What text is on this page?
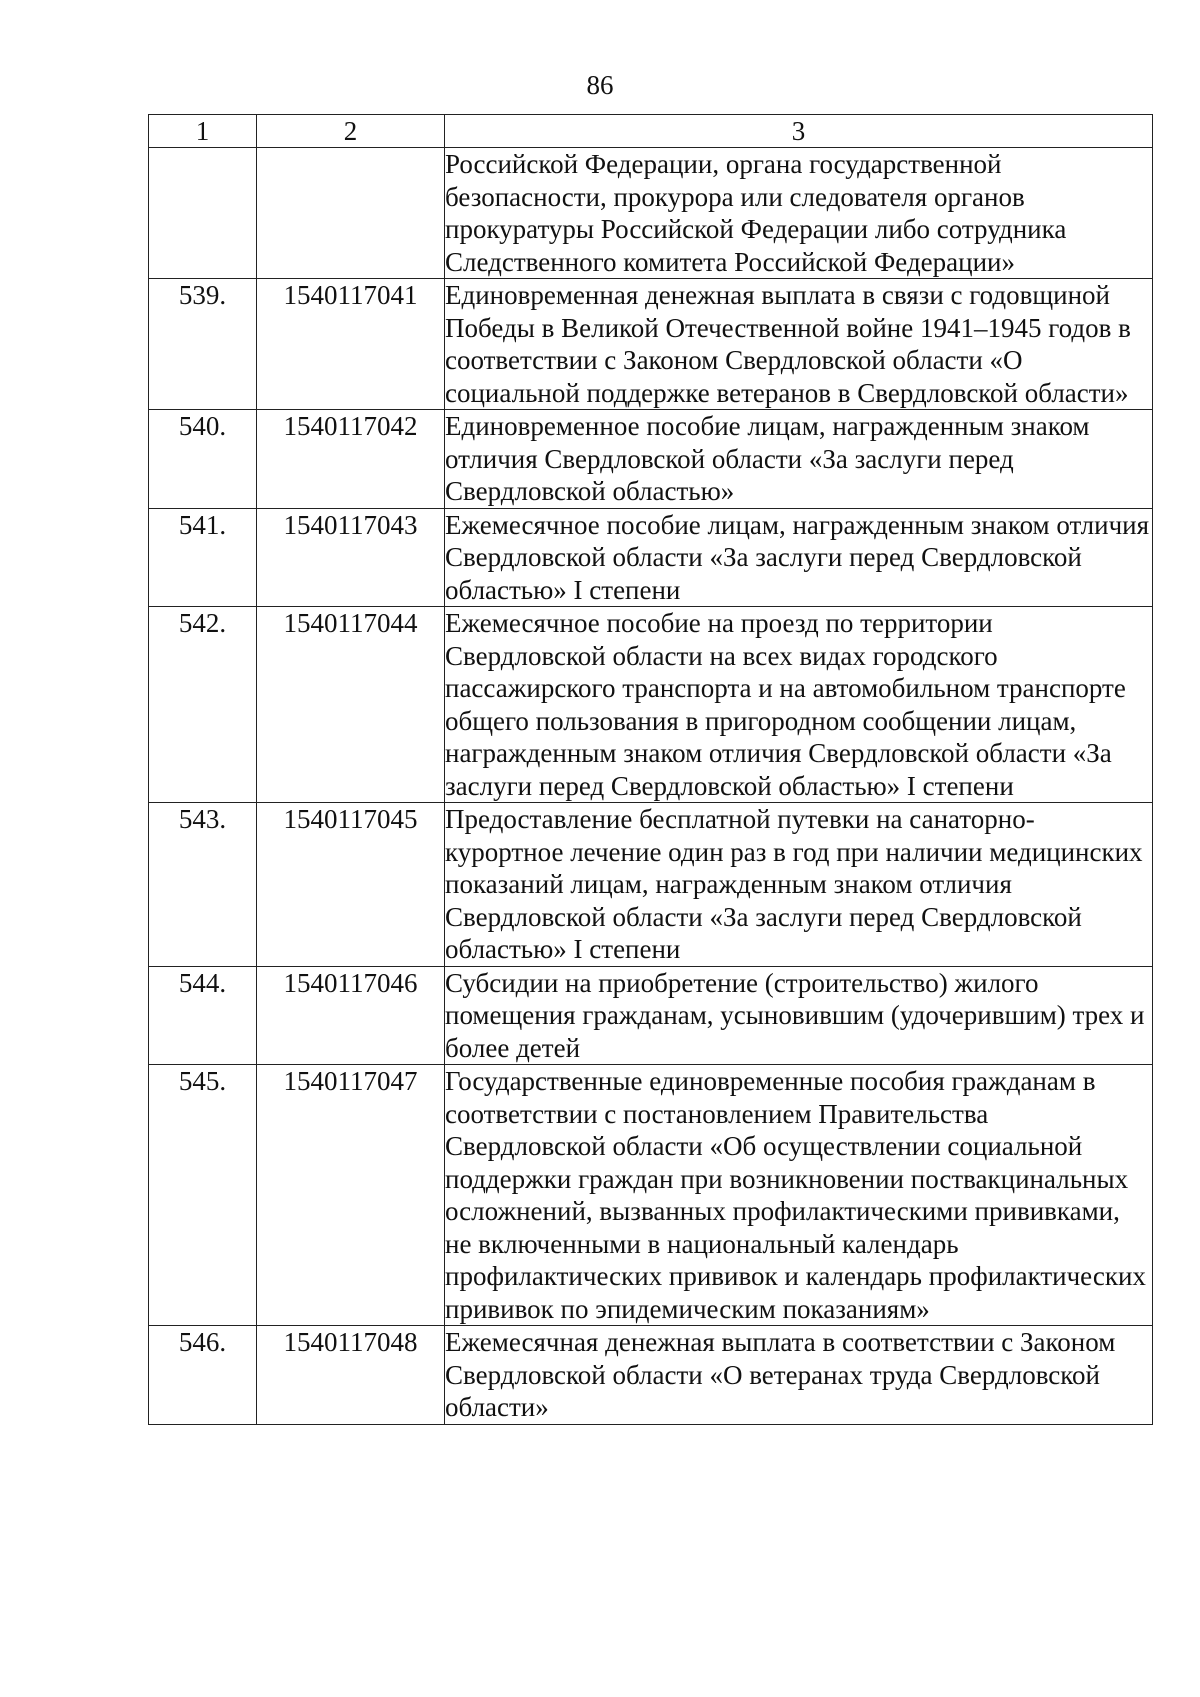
86
1	2	3
		Российской Федерации, органа государственной безопасности, прокурора или следователя органов прокуратуры Российской Федерации либо сотрудника Следственного комитета Российской Федерации»
539.	1540117041	Единовременная денежная выплата в связи с годовщиной Победы в Великой Отечественной войне 1941–1945 годов в соответствии с Законом Свердловской области «О социальной поддержке ветеранов в Свердловской области»
540.	1540117042	Единовременное пособие лицам, награжденным знаком отличия Свердловской области «За заслуги перед Свердловской областью»
541.	1540117043	Ежемесячное пособие лицам, награжденным знаком отличия Свердловской области «За заслуги перед Свердловской областью» I степени
542.	1540117044	Ежемесячное пособие на проезд по территории Свердловской области на всех видах городского пассажирского транспорта и на автомобильном транспорте общего пользования в пригородном сообщении лицам, награжденным знаком отличия Свердловской области «За заслуги перед Свердловской областью» I степени
543.	1540117045	Предоставление бесплатной путевки на санаторно-курортное лечение один раз в год при наличии медицинских показаний лицам, награжденным знаком отличия Свердловской области «За заслуги перед Свердловской областью» I степени
544.	1540117046	Субсидии на приобретение (строительство) жилого помещения гражданам, усыновившим (удочерившим) трех и более детей
545.	1540117047	Государственные единовременные пособия гражданам в соответствии с постановлением Правительства Свердловской области «Об осуществлении социальной поддержки граждан при возникновении поствакцинальных осложнений, вызванных профилактическими прививками, не включенными в национальный календарь профилактических прививок и календарь профилактических прививок по эпидемическим показаниям»
546.	1540117048	Ежемесячная денежная выплата в соответствии с Законом Свердловской области «О ветеранах труда Свердловской области»
